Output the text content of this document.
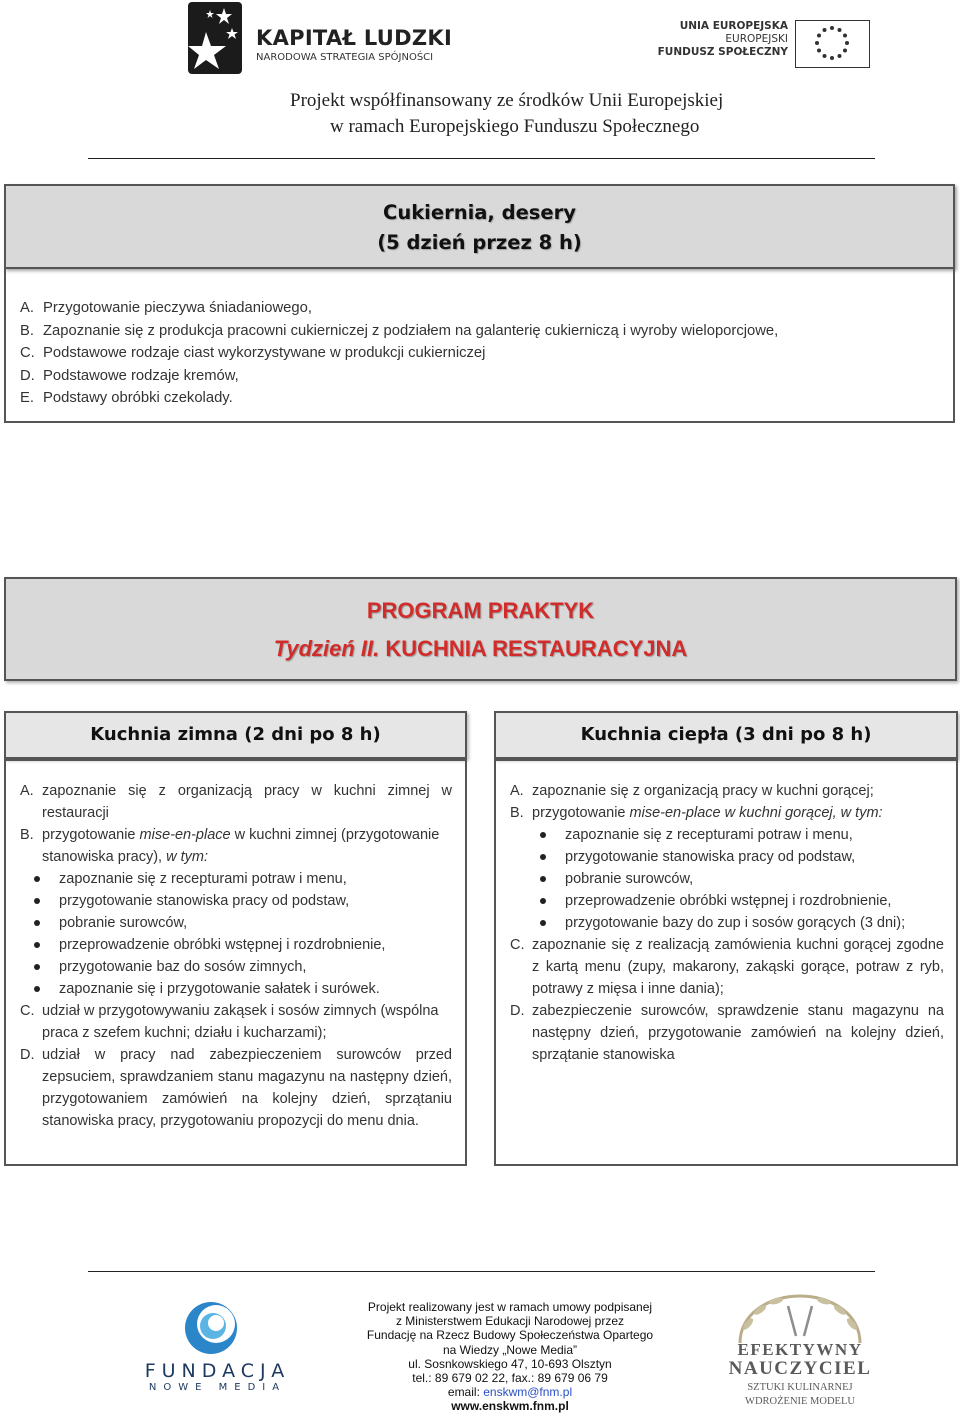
KAPITAŁ LUDZKI
NARODOWA STRATEGIA SPÓJNOŚCI
UNIA EUROPEJSKA
EUROPEJSKI
FUNDUSZ SPOŁECZNY
Projekt współfinansowany ze środków Unii Europejskiej
w ramach Europejskiego Funduszu Społecznego
Cukiernia, desery
(5 dzień przez 8 h)
A. Przygotowanie pieczywa śniadaniowego,
B. Zapoznanie się z produkcja pracowni cukierniczej z podziałem na galanterię cukierniczą i wyroby wieloporcjowe,
C. Podstawowe rodzaje ciast wykorzystywane w produkcji cukierniczej
D. Podstawowe rodzaje kremów,
E. Podstawy obróbki czekolady.
PROGRAM PRAKTYK
Tydzień II. KUCHNIA RESTAURACYJNA
Kuchnia zimna (2 dni po 8 h)
A. zapoznanie się z organizacją pracy w kuchni zimnej w restauracji
B. przygotowanie mise-en-place w kuchni zimnej (przygotowanie stanowiska pracy), w tym:
zapoznanie się z recepturami potraw i menu,
przygotowanie stanowiska pracy od podstaw,
pobranie surowców,
przeprowadzenie obróbki wstępnej i rozdrobnienie,
przygotowanie baz do sosów zimnych,
zapoznanie się i przygotowanie sałatek i surówek.
C. udział w przygotowywaniu zakąsek i sosów zimnych (wspólna praca z szefem kuchni; działu i kucharzami);
D. udział w pracy nad zabezpieczeniem surowców przed zepsuciem, sprawdzaniem stanu magazynu na następny dzień, przygotowaniem zamówień na kolejny dzień, sprzątaniu stanowiska pracy, przygotowaniu propozycji do menu dnia.
Kuchnia ciepła (3 dni po 8 h)
A. zapoznanie się z organizacją pracy w kuchni gorącej;
B. przygotowanie mise-en-place w kuchni gorącej, w tym:
zapoznanie się z recepturami potraw i menu,
przygotowanie stanowiska pracy od podstaw,
pobranie surowców,
przeprowadzenie obróbki wstępnej i rozdrobnienie,
przygotowanie bazy do zup i sosów gorących (3 dni);
C. zapoznanie się z realizacją zamówienia kuchni gorącej zgodne z kartą menu (zupy, makarony, zakąski gorące, potraw z ryb, potrawy z mięsa i inne dania);
D. zabezpieczenie surowców, sprawdzenie stanu magazynu na następny dzień, przygotowanie zamówień na kolejny dzień, sprzątanie stanowiska
FUNDACJA
NOWE MEDIA
Projekt realizowany jest w ramach umowy podpisanej
z Ministerstwem Edukacji Narodowej przez
Fundację na Rzecz Budowy Społeczeństwa Opartego
na Wiedzy „Nowe Media”
ul. Sosnkowskiego 47, 10-693 Olsztyn
tel.: 89 679 02 22, fax.: 89 679 06 79
email: enskwm@fnm.pl
www.enskwm.fnm.pl
EFEKTYWNY
NAUCZYCIEL
SZTUKI KULINARNEJ
WDROŻENIE MODELU
